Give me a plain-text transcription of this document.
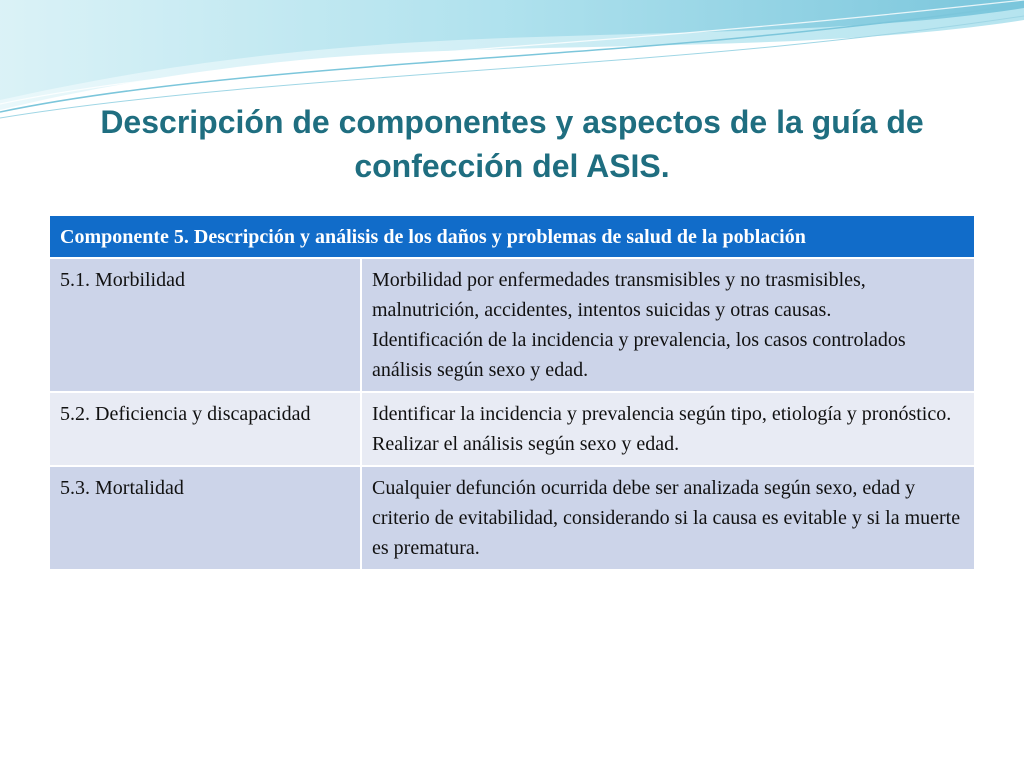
Descripción de componentes y aspectos de la guía de confección del ASIS.
Componente 5. Descripción y análisis de los daños y problemas de salud de la población	
5.1. Morbilidad	Morbilidad por enfermedades transmisibles y no trasmisibles, malnutrición, accidentes, intentos suicidas y otras causas.
Identificación de la incidencia y prevalencia, los casos controlados
análisis según sexo y edad.

5.2. Deficiencia y discapacidad	Identificar la incidencia y prevalencia según tipo, etiología y pronóstico. Realizar el análisis según sexo y edad.

5.3. Mortalidad	Cualquier defunción ocurrida debe ser analizada según sexo, edad y criterio de evitabilidad, considerando si la causa es evitable y si la muerte es prematura.
